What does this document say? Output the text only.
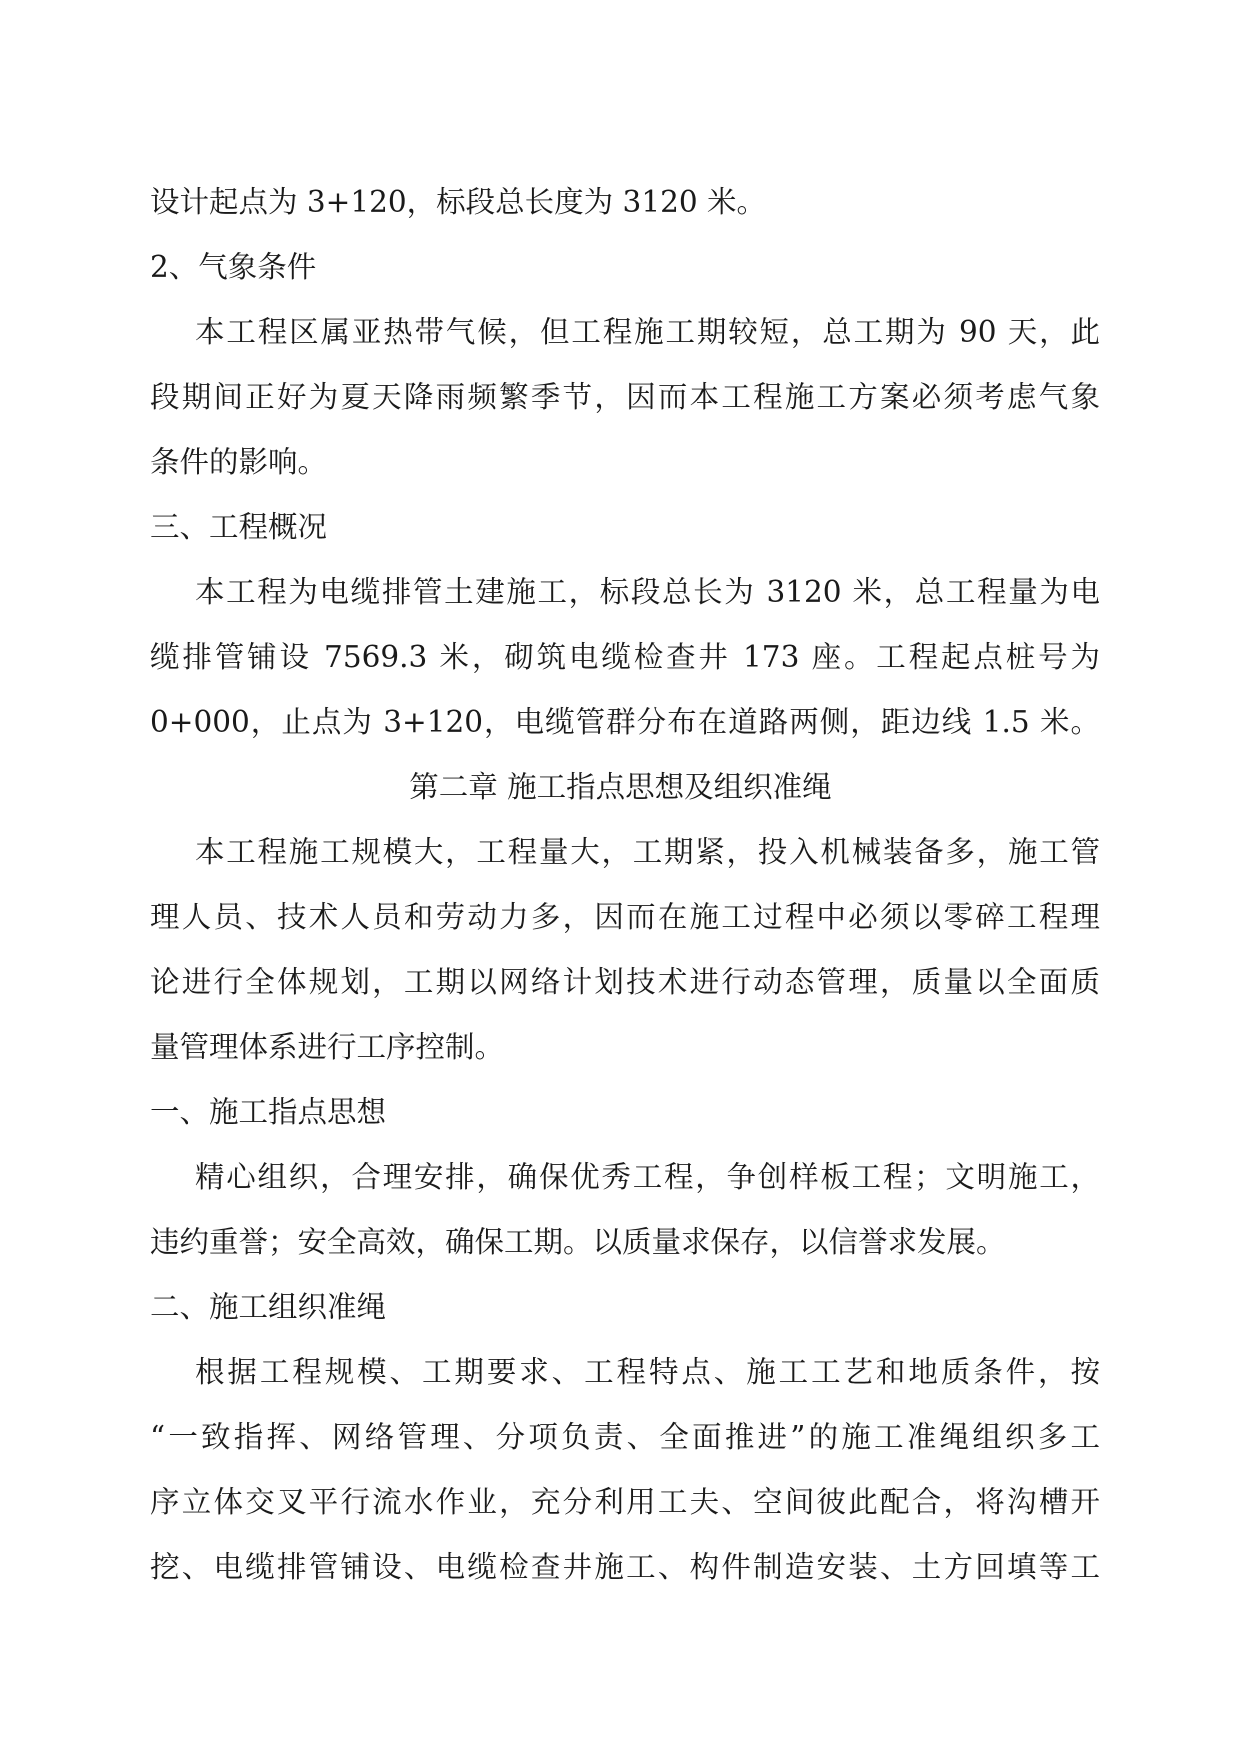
设计起点为 3+120，标段总长度为 3120 米。
2、气象条件
本工程区属亚热带气候，但工程施工期较短，总工期为 90 天，此
段期间正好为夏天降雨频繁季节，因而本工程施工方案必须考虑气象
条件的影响。
三、工程概况
本工程为电缆排管土建施工，标段总长为 3120 米，总工程量为电
缆排管铺设 7569.3 米，砌筑电缆检查井 173 座。工程起点桩号为
0+000，止点为 3+120，电缆管群分布在道路两侧，距边线 1.5 米。
第二章 施工指点思想及组织准绳
本工程施工规模大，工程量大，工期紧，投入机械装备多，施工管
理人员、技术人员和劳动力多，因而在施工过程中必须以零碎工程理
论进行全体规划，工期以网络计划技术进行动态管理，质量以全面质
量管理体系进行工序控制。
一、施工指点思想
精心组织，合理安排，确保优秀工程，争创样板工程；文明施工，
违约重誉；安全高效，确保工期。以质量求保存，以信誉求发展。
二、施工组织准绳
根据工程规模、工期要求、工程特点、施工工艺和地质条件，按
“一致指挥、网络管理、分项负责、全面推进”的施工准绳组织多工
序立体交叉平行流水作业，充分利用工夫、空间彼此配合，将沟槽开
挖、电缆排管铺设、电缆检查井施工、构件制造安装、土方回填等工
